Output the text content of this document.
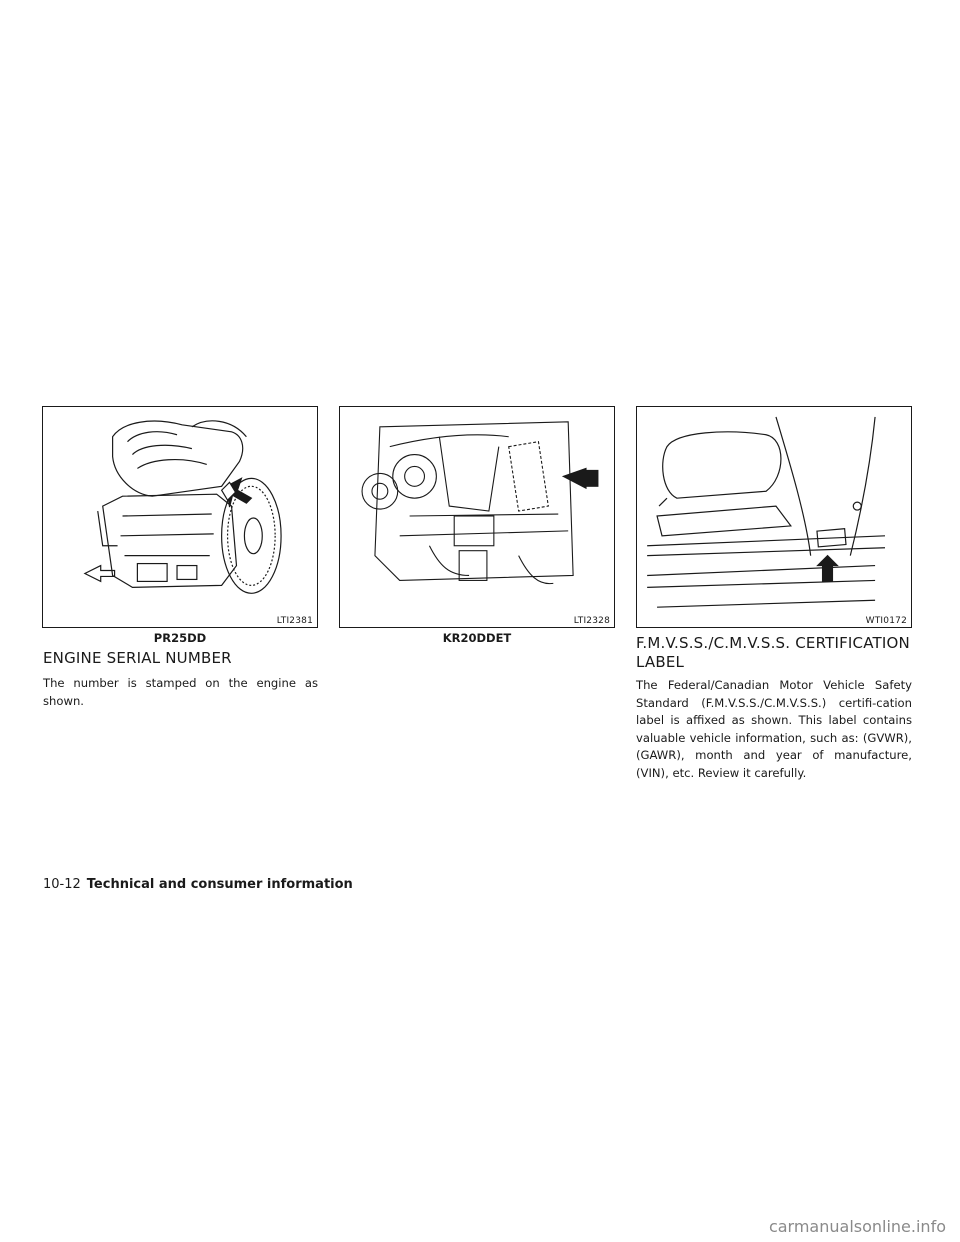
LTI2381
PR25DD
LTI2328
KR20DDET
WTI0172
ENGINE SERIAL NUMBER

The number is stamped on the engine as shown.

F.M.V.S.S./C.M.V.S.S. CERTIFICATION LABEL

The Federal/Canadian Motor Vehicle Safety Standard (F.M.V.S.S./C.M.V.S.S.) certifi-cation label is affixed as shown. This label contains valuable vehicle information, such as: (GVWR), (GAWR), month and year of manufacture, (VIN), etc. Review it carefully.

10-12 Technical and consumer information
carmanualsonline.info
